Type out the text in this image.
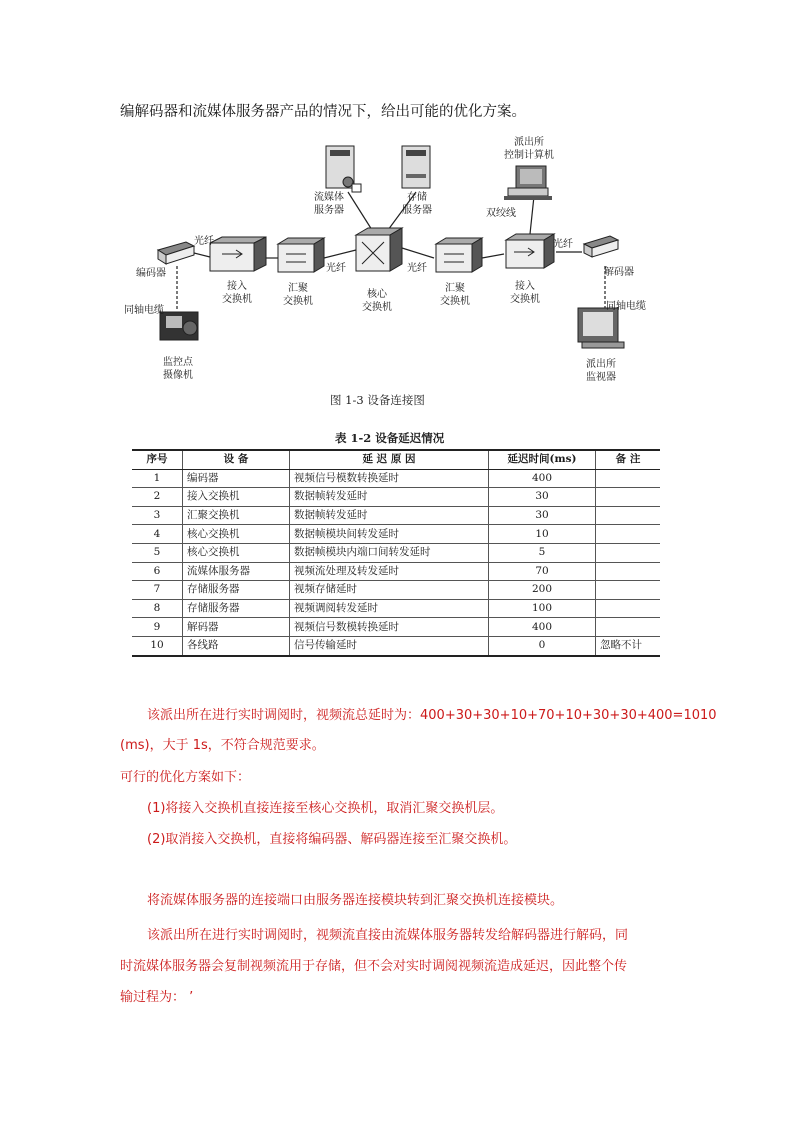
编解码器和流媒体服务器产品的情况下，给出可能的优化方案。
流媒体
服务器
存储
服务器
派出所
控制计算机
双绞线
光纤
光纤	光纤
光纤
编码器	解码器
接入
交换机
汇聚
交换机
核心
交换机
汇聚
交换机
接入
交换机
同轴电缆	同轴电缆
监控点
摄像机
派出所
监视器
图 1-3 设备连接图
表 1-2 设备延迟情况
序号	设 备	延 迟 原 因	延迟时间(ms)	备 注
1	编码器	视频信号模数转换延时	400	
2	接入交换机	数据帧转发延时	30	
3	汇聚交换机	数据帧转发延时	30	
4	核心交换机	数据帧模块间转发延时	10	
5	核心交换机	数据帧模块内端口间转发延时	5	
6	流媒体服务器	视频流处理及转发延时	70	
7	存储服务器	视频存储延时	200	
8	存储服务器	视频调阅转发延时	100	
9	解码器	视频信号数模转换延时	400	
10	各线路	信号传输延时	0	忽略不计
该派出所在进行实时调阅时，视频流总延时为：400+30+30+10+70+10+30+30+400=1010
(ms)，大于 1s，不符合规范要求。
可行的优化方案如下：
(1)将接入交换机直接连接至核心交换机，取消汇聚交换机层。
(2)取消接入交换机，直接将编码器、解码器连接至汇聚交换机。
将流媒体服务器的连接端口由服务器连接模块转到汇聚交换机连接模块。
该派出所在进行实时调阅时，视频流直接由流媒体服务器转发给解码器进行解码，同
时流媒体服务器会复制视频流用于存储，但不会对实时调阅视频流造成延迟，因此整个传
输过程为： ’
